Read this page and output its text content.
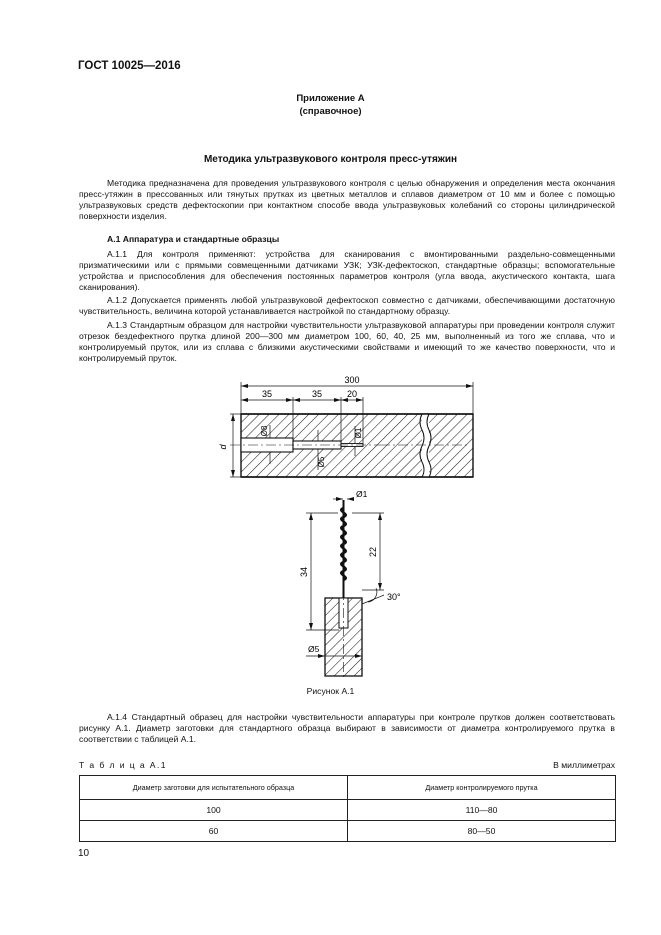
ГОСТ 10025—2016
Приложение А
(справочное)
Методика ультразвукового контроля пресс-утяжин

Методика предназначена для проведения ультразвукового контроля с целью обнаружения и определения места окончания пресс-утяжин в прессованных или тянутых прутках из цветных металлов и сплавов диаметром от 10 мм и более с помощью ультразвуковых средств дефектоскопии при контактном способе ввода ультразвуковых колебаний со стороны цилиндрической поверхности изделия.

А.1 Аппаратура и стандартные образцы

А.1.1 Для контроля применяют: устройства для сканирования с вмонтированными раздельно-совмещенными призматическими или с прямыми совмещенными датчиками УЗК; УЗК-дефектоскоп, стандартные образцы; вспомогательные устройства и приспособления для обеспечения постоянных параметров контроля (угла ввода, акустического контакта, шага сканирования).

А.1.2 Допускается применять любой ультразвуковой дефектоскоп совместно с датчиками, обеспечивающими достаточную чувствительность, величина которой устанавливается настройкой по стандартному образцу.

А.1.3 Стандартным образцом для настройки чувствительности ультразвуковой аппаратуры при проведении контроля служит отрезок бездефектного прутка длиной 200—300 мм диаметром 100, 60, 40, 25 мм, выполненный из того же сплава, что и контролируемый пруток, или из сплава с близкими акустическими свойствами и имеющий то же качество поверхности, что и контролируемый пруток.

300
35	35	20
d
Ø8
Ø5
Ø1
Ø1
22
34
30°
Ø5
Рисунок А.1

А.1.4 Стандартный образец для настройки чувствительности аппаратуры при контроле прутков должен соответствовать рисунку А.1. Диаметр заготовки для стандартного образца выбирают в зависимости от диаметра контролируемого прутка в соответствии с таблицей А.1.

Т а б л и ц а А.1	В миллиметрах
Диаметр заготовки для испытательного образца	Диаметр контролируемого прутка
100	110—80
60	80—50
10
